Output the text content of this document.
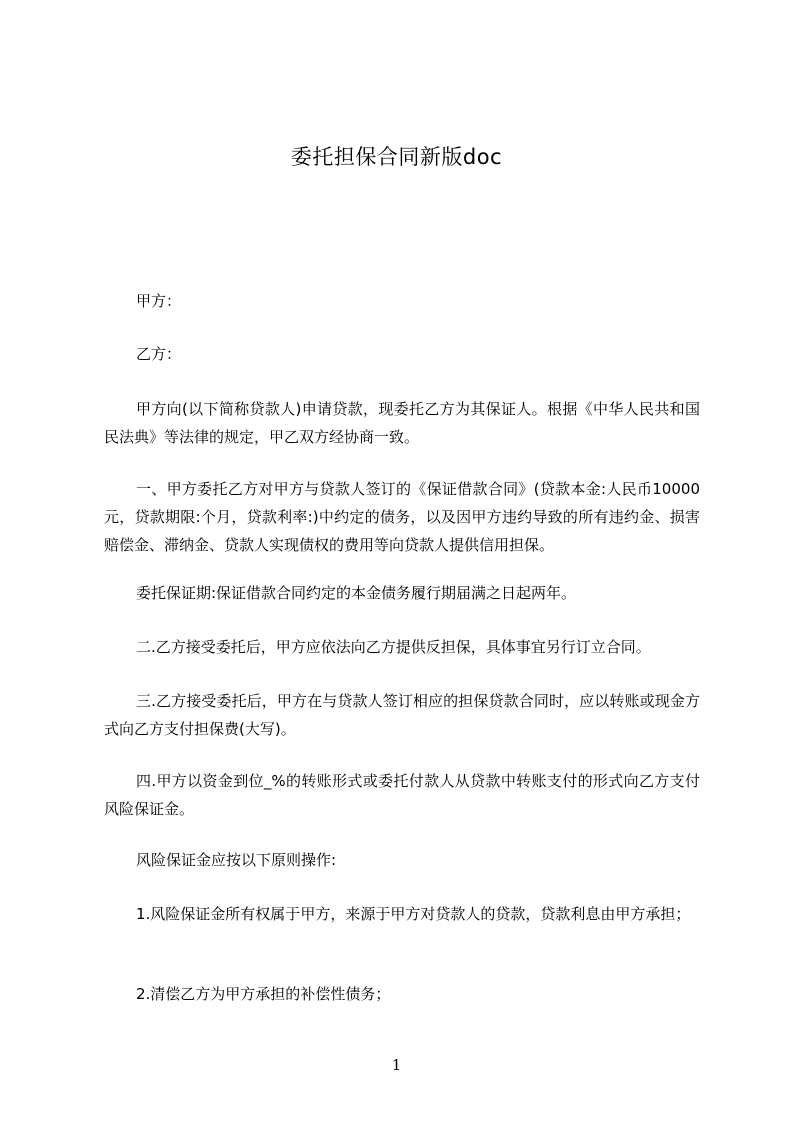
委托担保合同新版doc
甲方：
乙方：
甲方向(以下简称贷款人)申请贷款，现委托乙方为其保证人。根据《中华人民共和国民法典》等法律的规定，甲乙双方经协商一致。
一、甲方委托乙方对甲方与贷款人签订的《保证借款合同》(贷款本金:人民币10000元，贷款期限:个月，贷款利率:)中约定的债务，以及因甲方违约导致的所有违约金、损害赔偿金、滞纳金、贷款人实现债权的费用等向贷款人提供信用担保。
委托保证期:保证借款合同约定的本金债务履行期届满之日起两年。
二.乙方接受委托后，甲方应依法向乙方提供反担保，具体事宜另行订立合同。
三.乙方接受委托后，甲方在与贷款人签订相应的担保贷款合同时，应以转账或现金方式向乙方支付担保费(大写)。
四.甲方以资金到位_%的转账形式或委托付款人从贷款中转账支付的形式向乙方支付风险保证金。
风险保证金应按以下原则操作:
1.风险保证金所有权属于甲方，来源于甲方对贷款人的贷款，贷款利息由甲方承担；
2.清偿乙方为甲方承担的补偿性债务；
1
